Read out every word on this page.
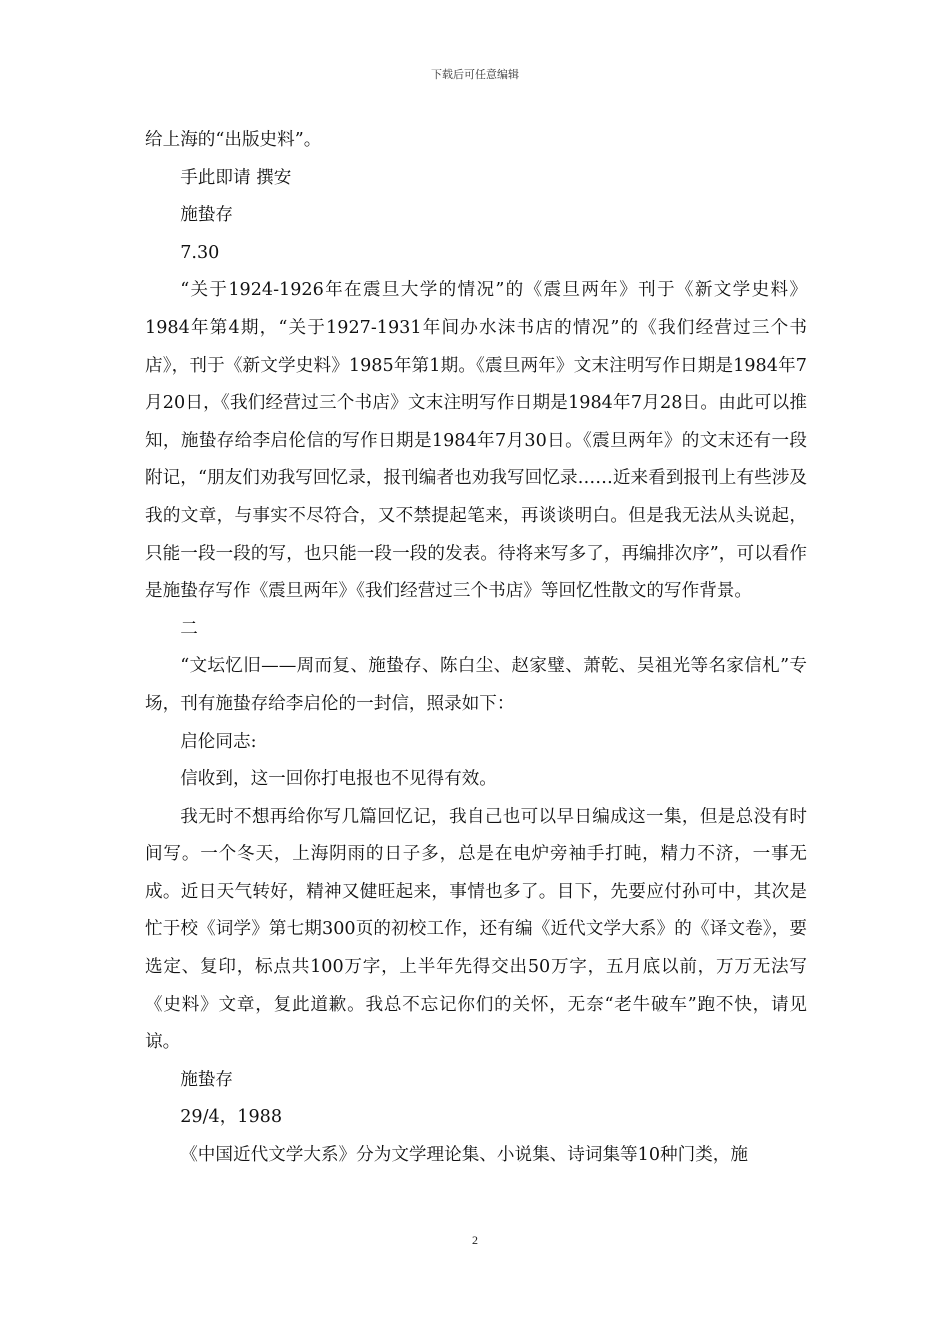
下载后可任意编辑

给上海的“出版史料”。

手此即请 撰安

施蛰存

7.30

“关于1924-1926年在震旦大学的情况”的《震旦两年》刊于《新文学史料》1984年第4期，“关于1927-1931年间办水沫书店的情况”的《我们经营过三个书店》，刊于《新文学史料》1985年第1期。《震旦两年》文末注明写作日期是1984年7月20日，《我们经营过三个书店》文末注明写作日期是1984年7月28日。由此可以推知，施蛰存给李启伦信的写作日期是1984年7月30日。《震旦两年》的文末还有一段附记，“朋友们劝我写回忆录，报刊编者也劝我写回忆录……近来看到报刊上有些涉及我的文章，与事实不尽符合，又不禁提起笔来，再谈谈明白。但是我无法从头说起，只能一段一段的写，也只能一段一段的发表。待将来写多了，再编排次序”，可以看作是施蛰存写作《震旦两年》《我们经营过三个书店》等回忆性散文的写作背景。

二

“文坛忆旧——周而复、施蛰存、陈白尘、赵家璧、萧乾、吴祖光等名家信札”专场，刊有施蛰存给李启伦的一封信，照录如下：

启伦同志:

信收到，这一回你打电报也不见得有效。

我无时不想再给你写几篇回忆记，我自己也可以早日编成这一集，但是总没有时间写。一个冬天，上海阴雨的日子多，总是在电炉旁袖手打盹，精力不济，一事无成。近日天气转好，精神又健旺起来，事情也多了。目下，先要应付孙可中，其次是忙于校《词学》第七期300页的初校工作，还有编《近代文学大系》的《译文卷》，要选定、复印，标点共100万字，上半年先得交出50万字，五月底以前，万万无法写《史料》文章，复此道歉。我总不忘记你们的关怀，无奈“老牛破车”跑不快，请见谅。

施蛰存

29/4，1988

《中国近代文学大系》分为文学理论集、小说集、诗词集等10种门类，施

2
